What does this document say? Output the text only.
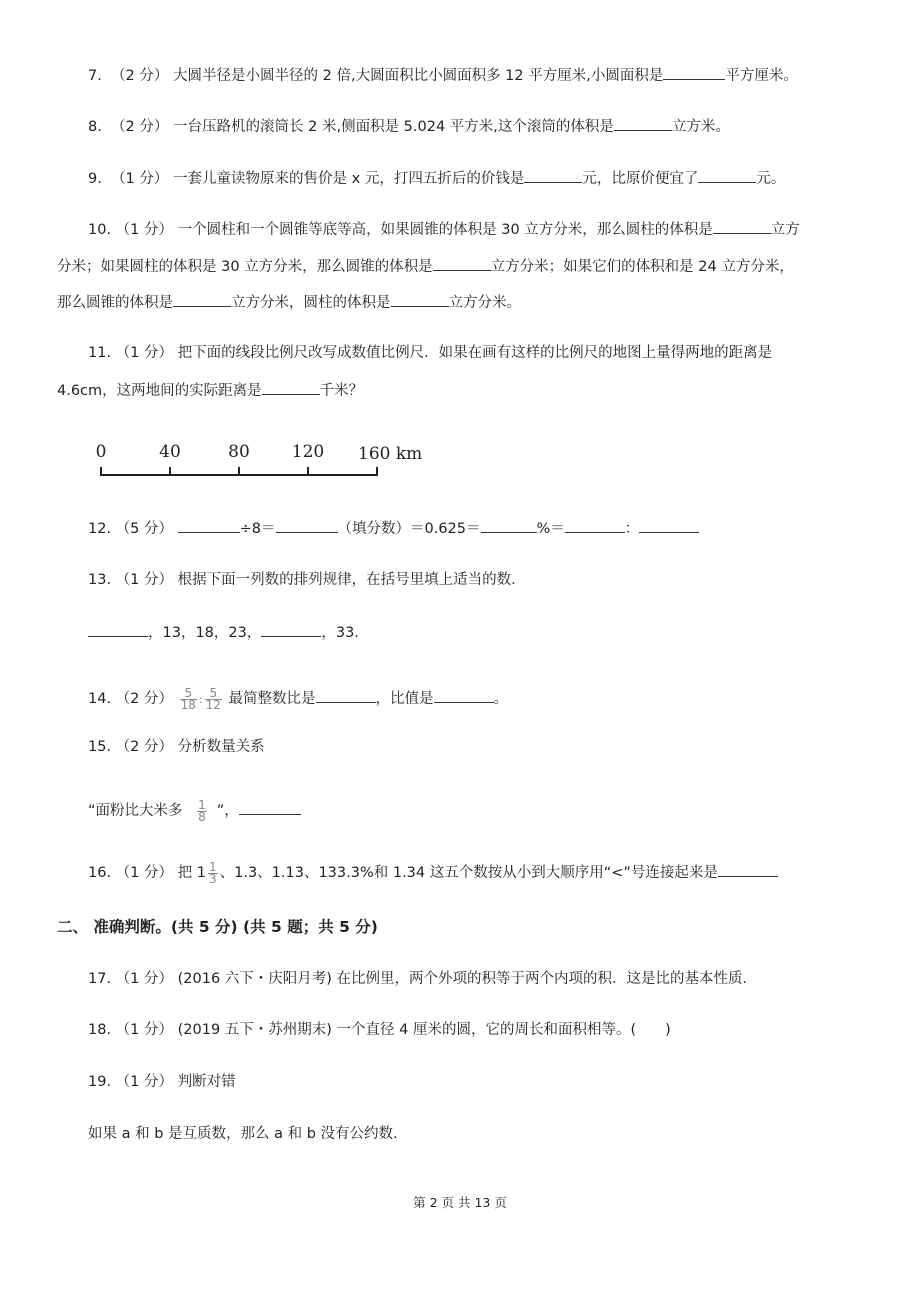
7. （2 分） 大圆半径是小圆半径的 2 倍,大圆面积比小圆面积多 12 平方厘米,小圆面积是	平方厘米。
8. （2 分） 一台压路机的滚筒长 2 米,侧面积是 5.024 平方米,这个滚筒的体积是	立方米。
9. （1 分） 一套儿童读物原来的售价是 x 元，打四五折后的价钱是	元，比原价便宜了	元。
10. （1 分） 一个圆柱和一个圆锥等底等高，如果圆锥的体积是 30 立方分米，那么圆柱的体积是	立方
分米；如果圆柱的体积是 30 立方分米，那么圆锥的体积是	立方分米；如果它们的体积和是 24 立方分米，
那么圆锥的体积是	立方分米，圆柱的体积是	立方分米。
11. （1 分） 把下面的线段比例尺改写成数值比例尺．如果在画有这样的比例尺的地图上量得两地的距离是
4.6cm，这两地间的实际距离是	千米？
0	40	80 120 160 km
12. （5 分）	÷8＝	（填分数）＝0.625＝	%＝	：
13. （1 分） 根据下面一列数的排列规律，在括号里填上适当的数．
，13，18，23，	，33．
14. （2 分） $\frac{5}{18}$ : $\frac{5}{12}$ 最简整数比是	，比值是	。
15. （2 分） 分析数量关系
“面粉比大米多 $\frac{1}{8}$ ”，
16. （1 分） 把 $1 \frac{1}{3}$ 、1.3、1.13、133.3%和 1.34 这五个数按从小到大顺序用“<”号连接起来是
二、 准确判断。(共 5 分) (共 5 题；共 5 分)
17. （1 分） (2016 六下・庆阳月考) 在比例里，两个外项的积等于两个内项的积．这是比的基本性质．
18. （1 分） (2019 五下・苏州期末) 一个直径 4 厘米的圆，它的周长和面积相等。(　　)
19. （1 分） 判断对错
如果 a 和 b 是互质数，那么 a 和 b 没有公约数.
第 2 页 共 13 页
